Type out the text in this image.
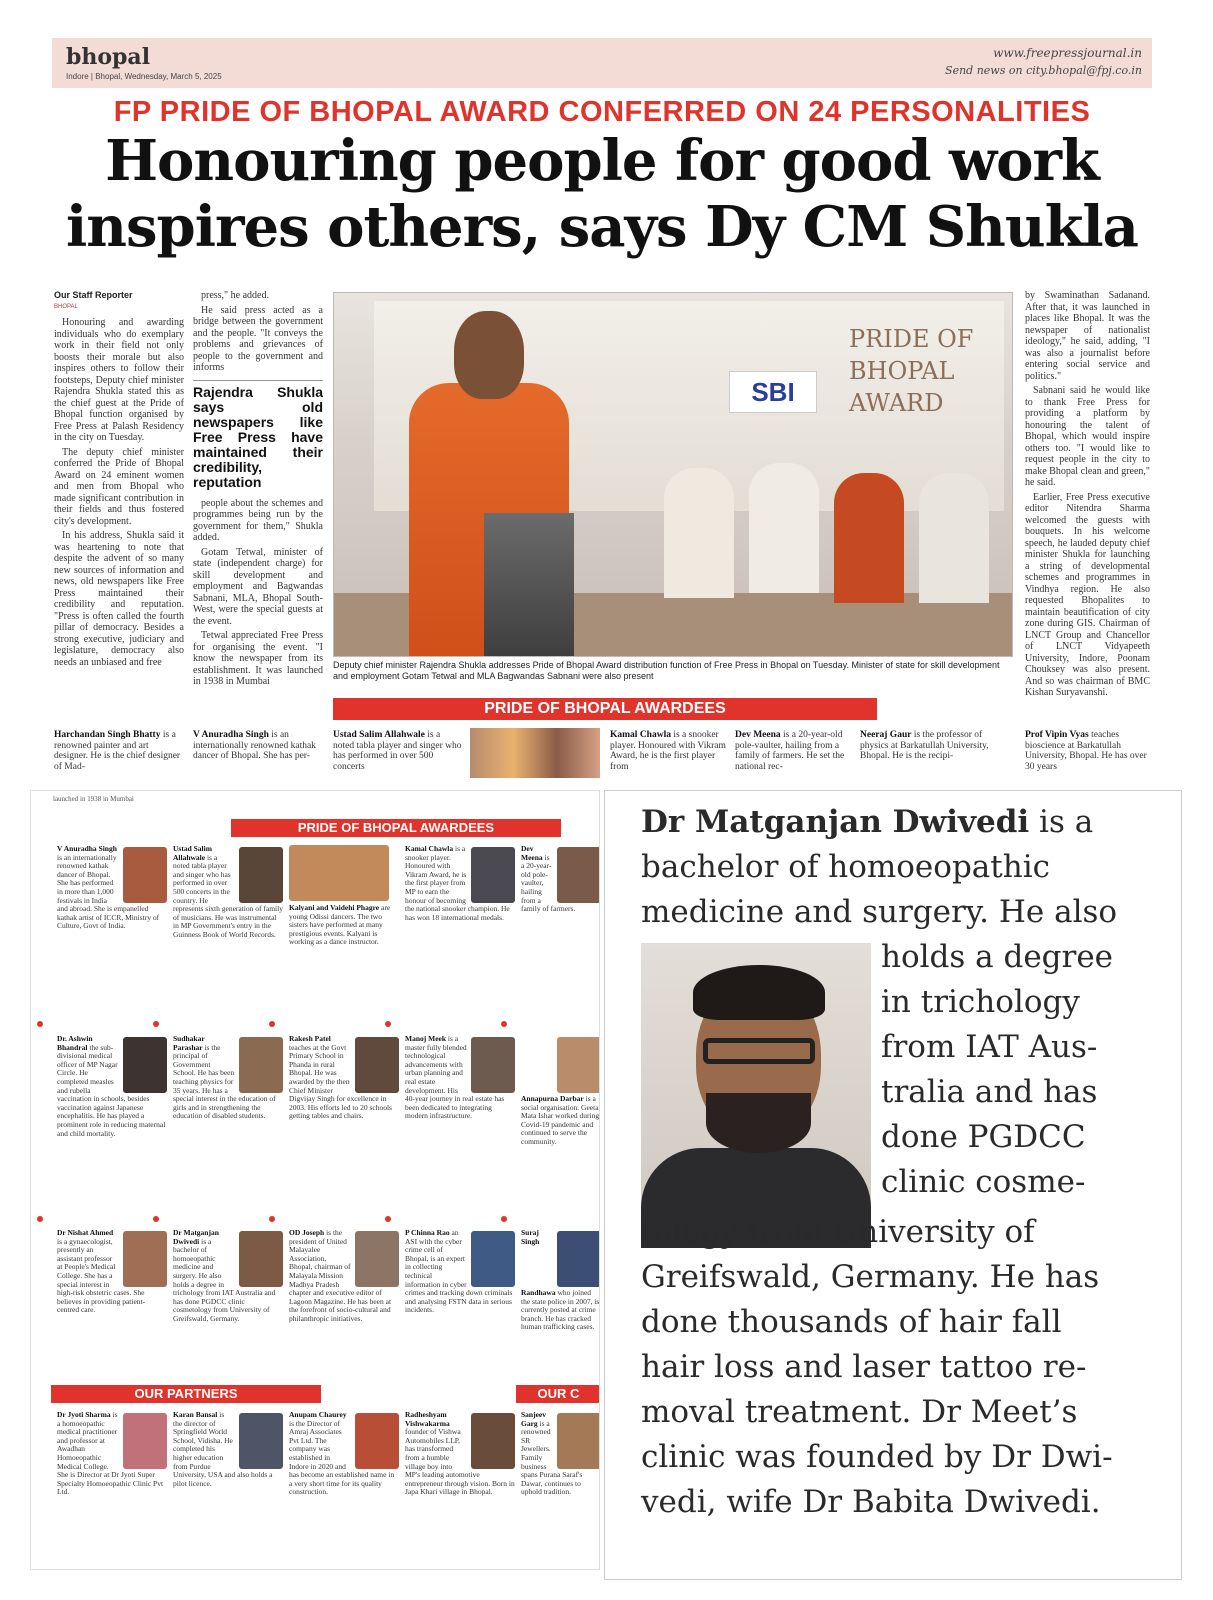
bhopal
Indore | Bhopal, Wednesday, March 5, 2025
www.freepressjournal.in
Send news on city.bhopal@fpj.co.in
FP PRIDE OF BHOPAL AWARD CONFERRED ON 24 PERSONALITIES
Honouring people for good work
inspires others, says Dy CM Shukla
Our Staff Reporter
BHOPAL

Honouring and awarding individuals who do exemplary work in their field not only boosts their morale but also inspires others to follow their footsteps, Deputy chief minister Rajendra Shukla stated this as the chief guest at the Pride of Bhopal function organised by Free Press at Palash Residency in the city on Tuesday.

The deputy chief minister conferred the Pride of Bhopal Award on 24 eminent women and men from Bhopal who made significant contribution in their fields and thus fostered city's development.

In his address, Shukla said it was heartening to note that despite the advent of so many new sources of information and news, old newspapers like Free Press maintained their credibility and reputation. "Press is often called the fourth pillar of democracy. Besides a strong executive, judiciary and legislature, democracy also needs an unbiased and free

press," he added.

He said press acted as a bridge between the government and the people. "It conveys the problems and grievances of people to the government and informs

Rajendra Shukla says old newspapers like Free Press have maintained their credibility, reputation

people about the schemes and programmes being run by the government for them," Shukla added.

Gotam Tetwal, minister of state (independent charge) for skill development and employment and Bagwandas Sabnani, MLA, Bhopal South-West, were the special guests at the event.

Tetwal appreciated Free Press for organising the event. "I know the newspaper from its establishment. It was launched in 1938 in Mumbai

PRIDE OF BHOPAL AWARD
SBI
Deputy chief minister Rajendra Shukla addresses Pride of Bhopal Award distribution function of Free Press in Bhopal on Tuesday. Minister of state for skill development and employment Gotam Tetwal and MLA Bagwandas Sabnani were also present

by Swaminathan Sadanand. After that, it was launched in places like Bhopal. It was the newspaper of nationalist ideology," he said, adding, "I was also a journalist before entering social service and politics."

Sabnani said he would like to thank Free Press for providing a platform by honouring the talent of Bhopal, which would inspire others too. "I would like to request people in the city to make Bhopal clean and green," he said.

Earlier, Free Press executive editor Nitendra Sharma welcomed the guests with bouquets. In his welcome speech, he lauded deputy chief minister Shukla for launching a string of developmental schemes and programmes in Vindhya region. He also requested Bhopalites to maintain beautification of city zone during GIS. Chairman of LNCT Group and Chancellor of LNCT Vidyapeeth University, Indore, Poonam Chouksey was also present. And so was chairman of BMC Kishan Suryavanshi.

PRIDE OF BHOPAL AWARDEES
Harchandan Singh Bhatty is a renowned painter and art designer. He is the chief designer of Mad-
V Anuradha Singh is an internationally renowned kathak dancer of Bhopal. She has per-
Ustad Salim Allahwale is a noted tabla player and singer who has performed in over 500 concerts
Kamal Chawla is a snooker player. Honoured with Vikram Award, he is the first player from
Dev Meena is a 20-year-old pole-vaulter, hailing from a family of farmers. He set the national rec-
Neeraj Gaur is the professor of physics at Barkatullah University, Bhopal. He is the recipi-
Prof Vipin Vyas teaches bioscience at Barkatullah University, Bhopal. He has over 30 years
launched in 1938 in Mumbai
PRIDE OF BHOPAL AWARDEES
V Anuradha Singh is an internationally renowned kathak dancer of Bhopal. She has performed in more than 1,000 festivals in India and abroad. She is empanelled kathak artist of ICCR, Ministry of Culture, Govt of India.
Ustad Salim Allahwale is a noted tabla player and singer who has performed in over 500 concerts in the country. He represents sixth generation of family of musicians. He was instrumental in MP Government's entry in the Guinness Book of World Records.
Kalyani and Vaidehi Phagre are young Odissi dancers. The two sisters have performed at many prestigious events. Kalyani is working as a dance instructor.
Kamal Chawla is a snooker player. Honoured with Vikram Award, he is the first player from MP to earn the honour of becoming the national snooker champion. He has won 18 international medals.
Dev Meena is a 20-year-old pole-vaulter, hailing from a family of farmers.
Dr. Ashwin Bhandral the sub-divisional medical officer of MP Nagar Circle. He completed measles and rubella vaccination in schools, besides vaccination against Japanese encephalitis. He has played a prominent role in reducing maternal and child mortality.
Sudhakar Parashar is the principal of Government School. He has been teaching physics for 35 years. He has a special interest in the education of girls and in strengthening the education of disabled students.
Rakesh Patel teaches at the Govt Primary School in Phanda in rural Bhopal. He was awarded by the then Chief Minister Digvijay Singh for excellence in 2003. His efforts led to 20 schools getting tables and chairs.
Manoj Meek is a master fully blended technological advancements with urban planning and real estate development. His 40-year journey in real estate has been dedicated to integrating modern infrastructure.
Annapurna Darbar is a social organisation. Geeta Mata Ishar worked during Covid-19 pandemic and continued to serve the community.
Dr Nishat Ahmed is a gynaecologist, presently an assistant professor at People's Medical College. She has a special interest in high-risk obstetric cases. She believes in providing patient-centred care.
Dr Matganjan Dwivedi is a bachelor of homoeopathic medicine and surgery. He also holds a degree in trichology from IAT Australia and has done PGDCC clinic cosmetology from University of Greifswald, Germany.
OD Joseph is the president of United Malayalee Association, Bhopal, chairman of Malayala Mission Madhya Pradesh chapter and executive editor of Lagoon Magazine. He has been at the forefront of socio-cultural and philanthropic initiatives.
P Chinna Rao an ASI with the cyber crime cell of Bhopal, is an expert in collecting technical information in cyber crimes and tracking down criminals and analysing FSTN data in serious incidents.
Suraj Singh Randhawa who joined the state police in 2007, is currently posted at crime branch. He has cracked human trafficking cases.
OUR PARTNERS	OUR C
Dr Jyoti Sharma is a homoeopathic medical practitioner and professor at Awadhan Homoeopathic Medical College. She is Director at Dr Jyoti Super Specialty Homoeopathic Clinic Pvt Ltd.
Karan Bansal is the director of Springfield World School, Vidisha. He completed his higher education from Purdue University, USA and also holds a pilot licence.
Anupam Chaurey is the Director of Amraj Associates Pvt Ltd. The company was established in Indore in 2020 and has become an established name in a very short time for its quality construction.
Radheshyam Vishwakarma founder of Vishwa Automobiles LLP, has transformed from a humble village boy into MP's leading automotive entrepreneur through vision. Born in Japa Khari village in Bhopal.
Sanjeev Garg is a renowned SR Jewellers. Family business spans Purana Saraf's Dawar, continues to uphold tradition.
Dr Matganjan Dwivedi is a
bachelor of homoeopathic
medicine and surgery. He also
holds a degree
in trichology
from IAT Aus-
tralia and has
done PGDCC
clinic cosme-
tology from University of
Greifswald, Germany. He has
done thousands of hair fall
hair loss and laser tattoo re-
moval treatment. Dr Meet’s
clinic was founded by Dr Dwi-
vedi, wife Dr Babita Dwivedi.
